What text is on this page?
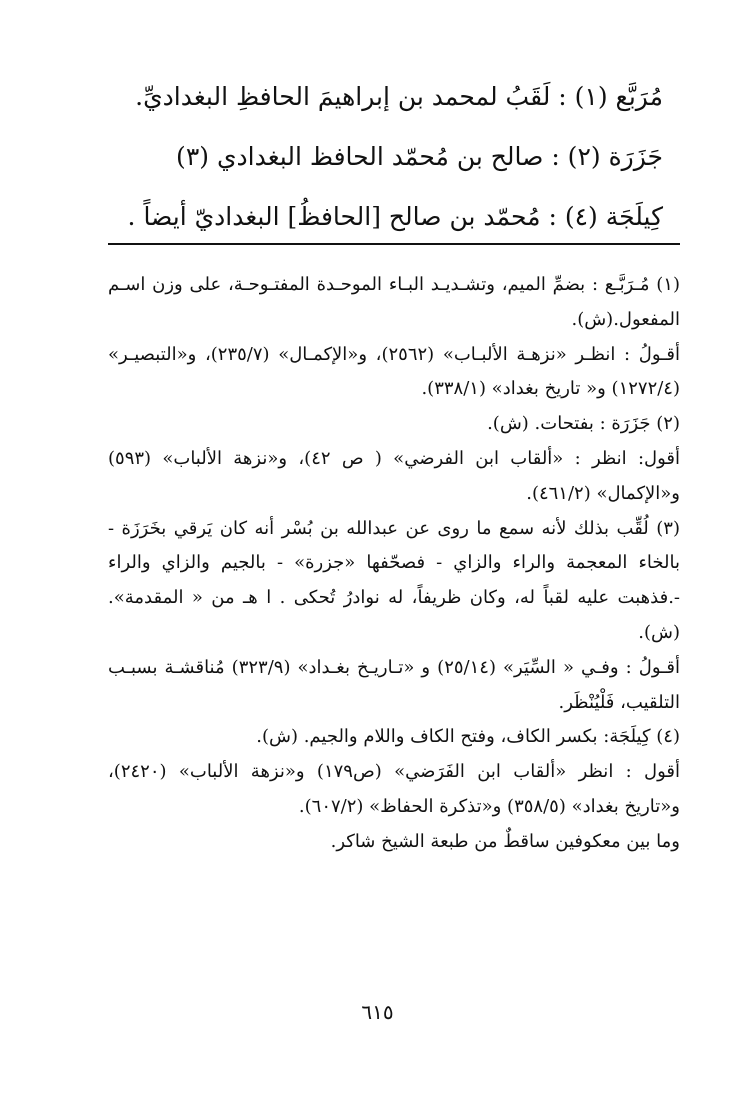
مُرَبَّع (١) : لَقَبُ لمحمد بن إبراهيمَ الحافظِ البغداديِّ.
جَزَرَة (٢) : صالح بن مُحمّد الحافظ البغدادي (٣)
كِيلَجَة (٤) : مُحمّد بن صالح [الحافظُ] البغداديّ أيضاً .

(١) مُـرَبَّـع : بضمِّ الميم، وتشـديـد البـاء الموحـدة المفتـوحـة، على وزن اسـم المفعول.(ش).

أقـولُ : انظـر «نزهـة الألبـاب» (٢٥٦٢)، و«الإكمـال» (٢٣٥/٧)، و«التبصيـر» (١٢٧٢/٤) و« تاريخ بغداد» (٣٣٨/١).

(٢) جَزَرَة : بفتحات. (ش).

أقول: انظر : «ألقاب ابن الفرضي» ( ص ٤٢)، و«نزهة الألباب» (٥٩٣) و«الإكمال» (٤٦١/٢).

(٣) لُقِّب بذلك لأنه سمع ما روى عن عبدالله بن بُسْر أنه كان يَرقي بخَرَزَة - بالخاء المعجمة والراء والزاي - فصحّفها «جزرة» - بالجيم والزاي والراء -.فذهبت عليه لقباً له، وكان ظريفاً، له نوادرُ تُحكى . ا هـ من « المقدمة». (ش).

أقـولُ : وفـي « السِّيَر» (٢٥/١٤) و «تـاريـخ بغـداد» (٣٢٣/٩) مُناقشـة بسبـب التلقيب، فَلْيُنْظَر.

(٤) كِيلَجَة: بكسر الكاف، وفتح الكاف واللام والجيم. (ش).

أقول : انظر «ألقاب ابن الفَرَضي» (ص١٧٩) و«نزهة الألباب» (٢٤٢٠)، و«تاريخ بغداد» (٣٥٨/٥) و«تذكرة الحفاظ» (٦٠٧/٢).

وما بين معكوفين ساقطٌ من طبعة الشيخ شاكر.

٦١٥
